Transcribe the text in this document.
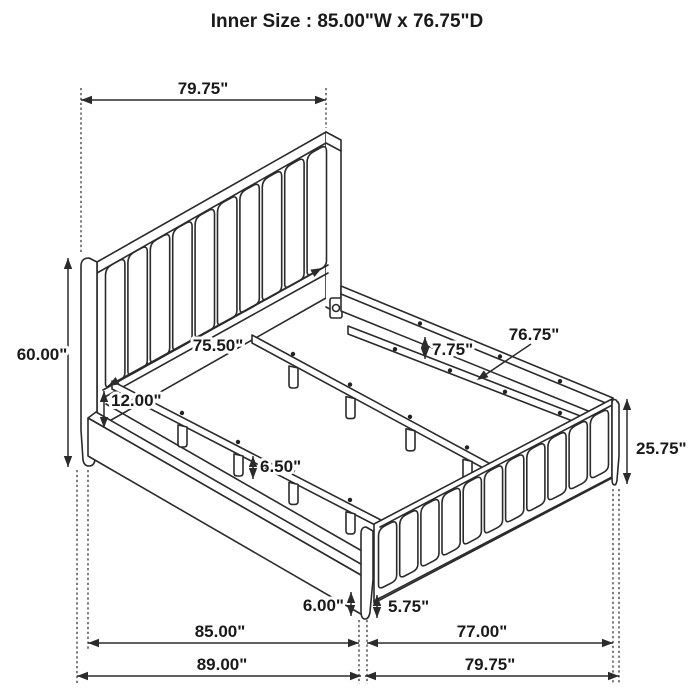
Inner Size : 85.00"W x 76.75"D
79.75"
60.00"	75.50"
12.00"
6.50"
7.75"
25.75"
6.00"	5.75"
85.00"	77.00"
89.00"	79.75"
76.75"
